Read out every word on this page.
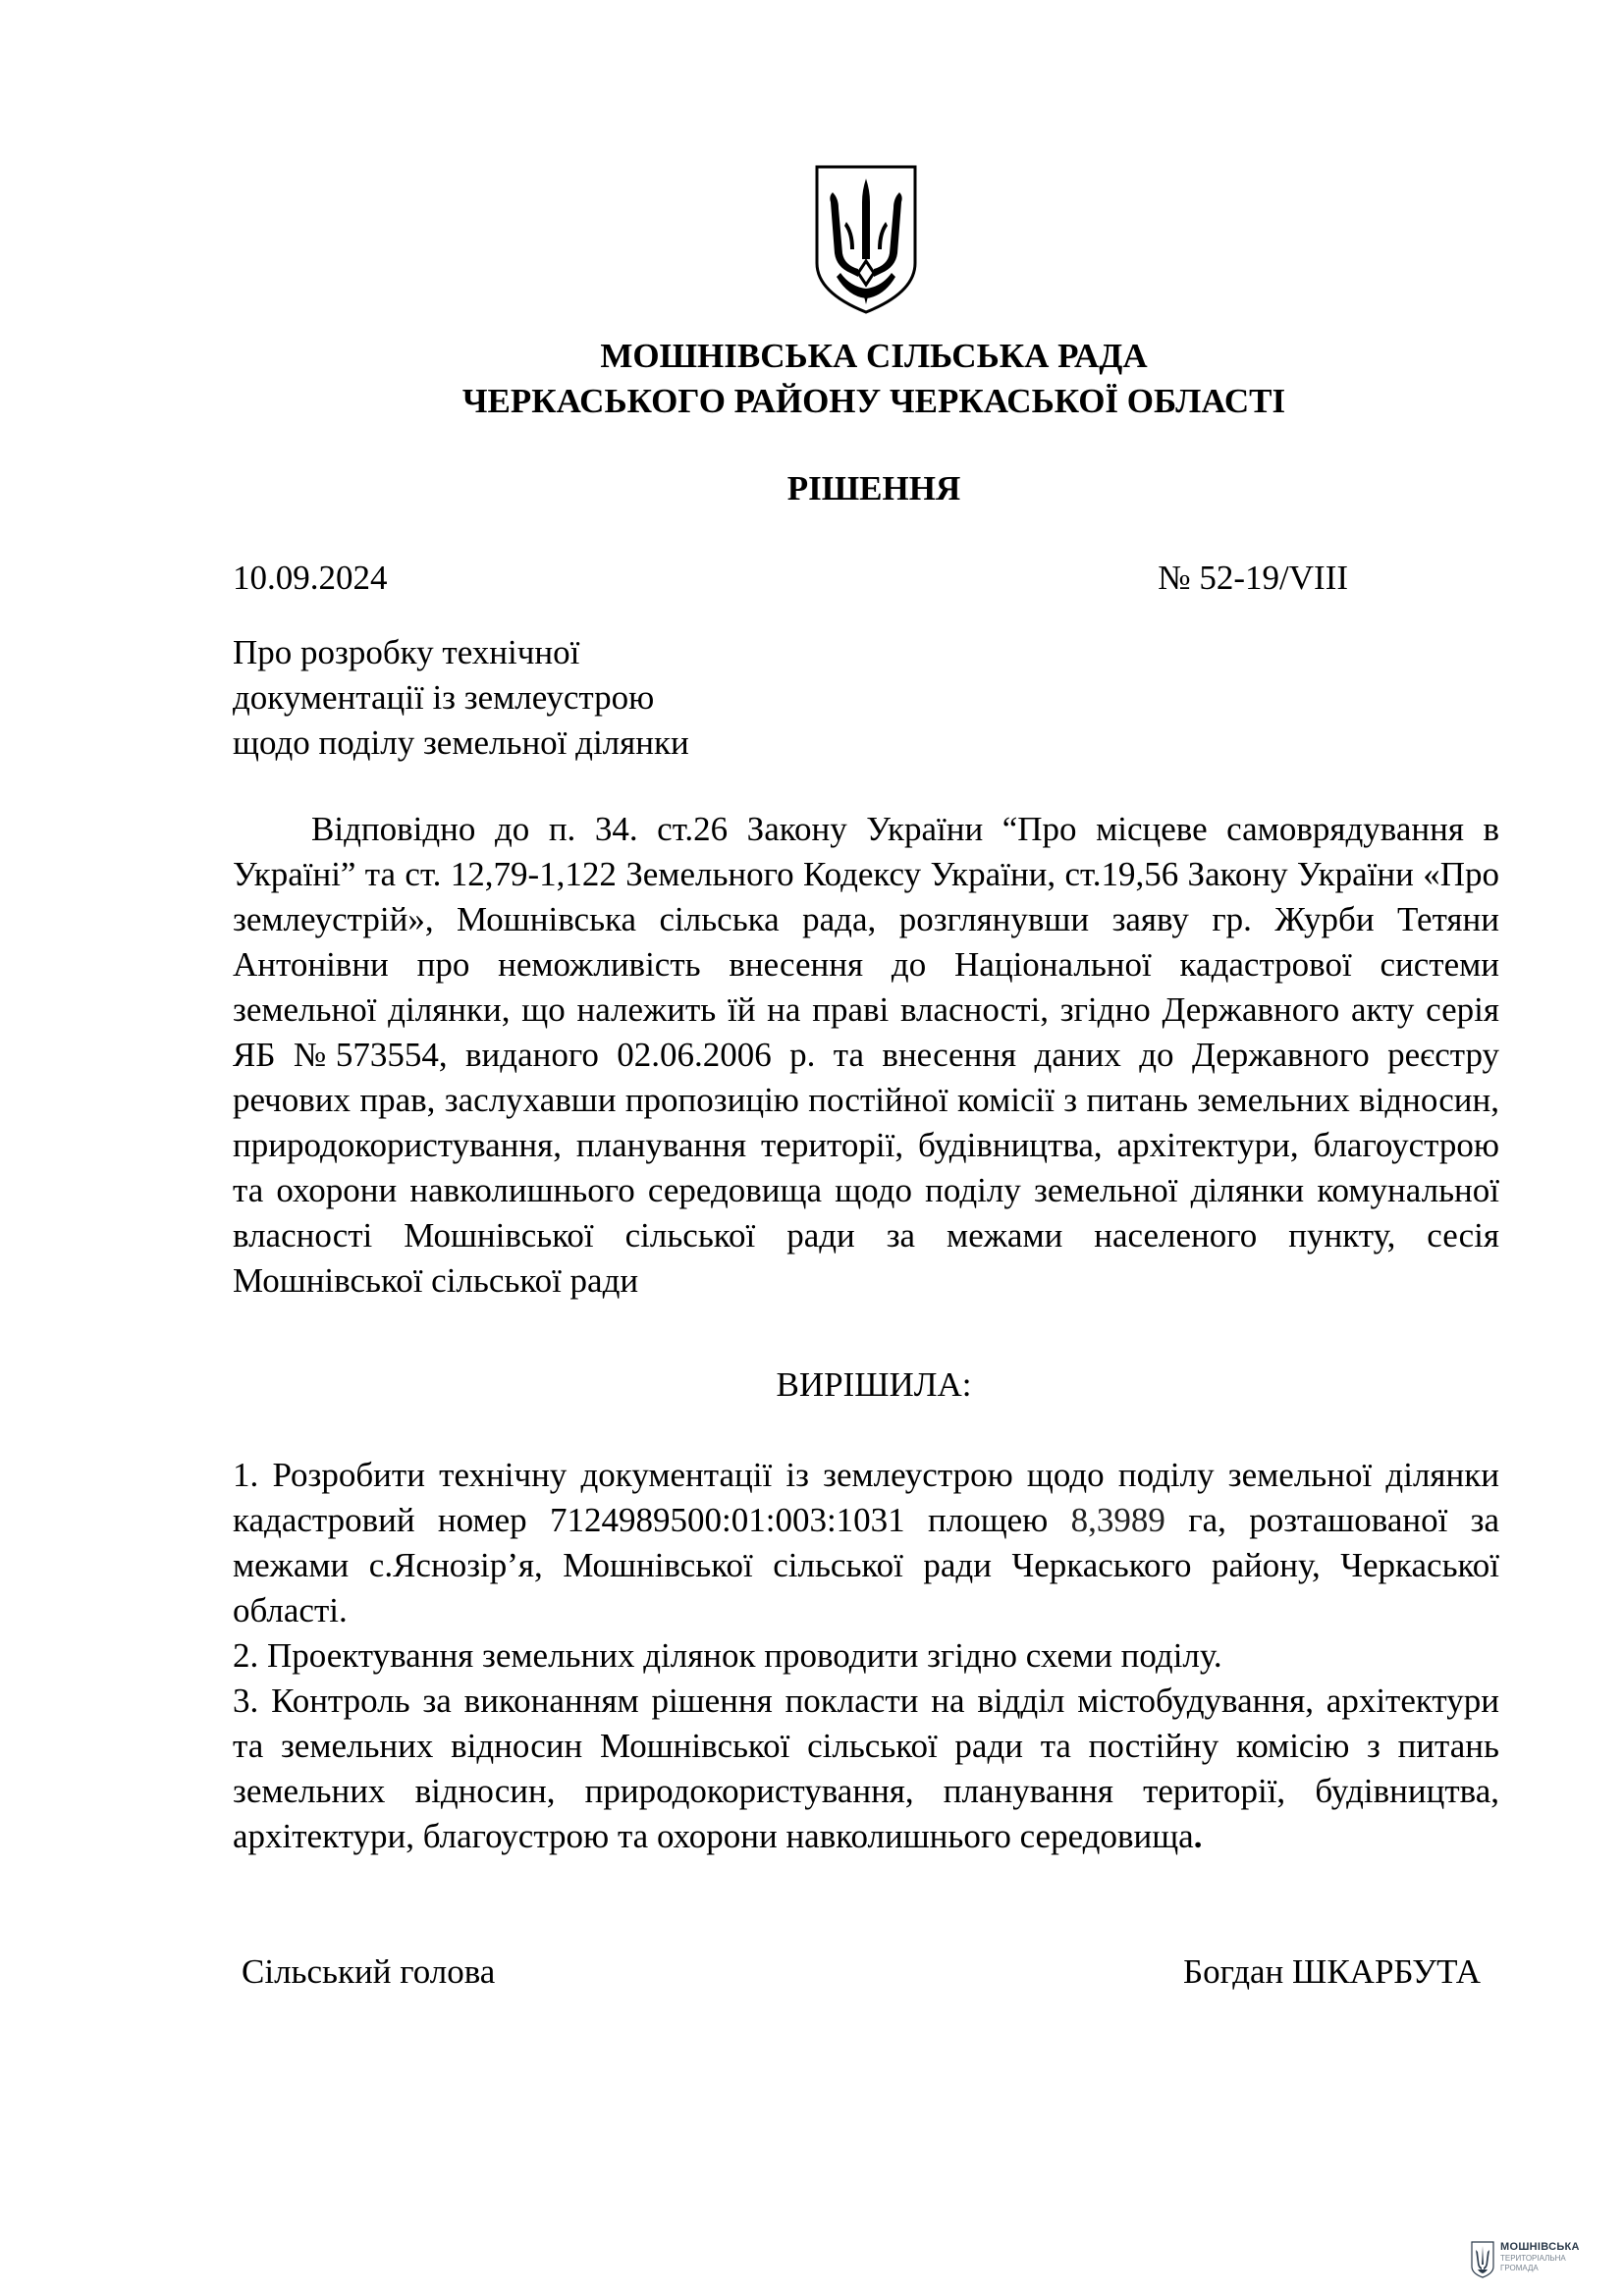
МОШНІВСЬКА СІЛЬСЬКА РАДА
ЧЕРКАСЬКОГО РАЙОНУ ЧЕРКАСЬКОЇ ОБЛАСТІ
РІШЕННЯ
10.09.2024	№ 52-19/VIII
Про розробку технічної
документації із землеустрою
щодо поділу земельної ділянки

Відповідно до п. 34. ст.26 Закону України “Про місцеве самоврядування в Україні” та ст. 12,79-1,122 Земельного Кодексу України, ст.19,56 Закону України «Про землеустрій», Мошнівська сільська рада, розглянувши заяву гр. Журби Тетяни Антонівни про неможливість внесення до Національної кадастрової системи земельної ділянки, що належить їй на праві власності, згідно Державного акту серія ЯБ №573554, виданого 02.06.2006 р. та внесення даних до Державного реєстру речових прав, заслухавши пропозицію постійної комісії з питань земельних відносин, природокористування, планування території, будівництва, архітектури, благоустрою та охорони навколишнього середовища щодо поділу земельної ділянки комунальної власності Мошнівської сільської ради за межами населеного пункту, сесія Мошнівської сільської ради

ВИРІШИЛА:

1. Розробити технічну документації із землеустрою щодо поділу земельної ділянки кадастровий номер 7124989500:01:003:1031 площею 8,3989 га, розташованої за межами с.Яснозір’я, Мошнівської сільської ради Черкаського району, Черкаської області.

2. Проектування земельних ділянок проводити згідно схеми поділу.

3. Контроль за виконанням рішення покласти на відділ містобудування, архітектури та земельних відносин Мошнівської сільської ради та постійну комісію з питань земельних відносин, природокористування, планування території, будівництва, архітектури, благоустрою та охорони навколишнього середовища.

Сільський голова	Богдан ШКАРБУТА
МОШНІВСЬКА
ТЕРИТОРІАЛЬНА
ГРОМАДА
